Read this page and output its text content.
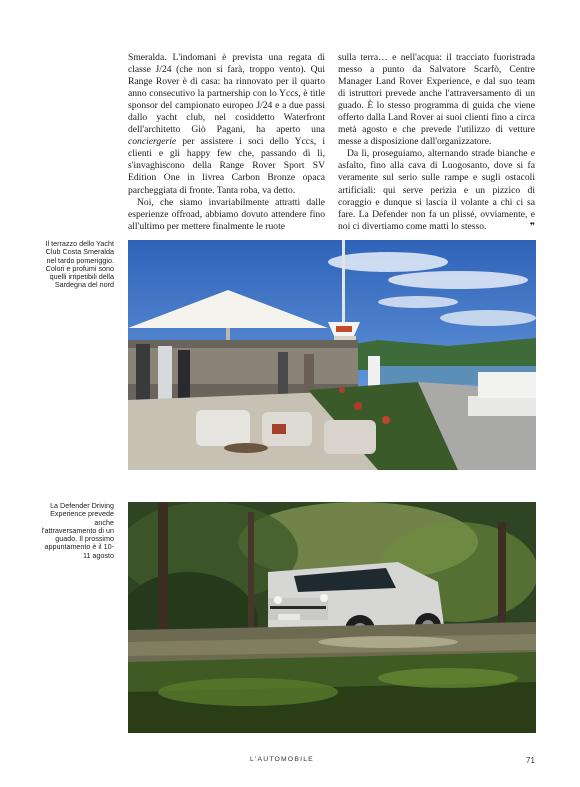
Smeralda. L'indomani è prevista una regata di classe J/24 (che non si farà, troppo vento). Qui Range Rover è di casa: ha rinnovato per il quarto anno consecutivo la partnership con lo Yccs, è title sponsor del campionato europeo J/24 e a due passi dallo yacht club, nel cosiddetto Waterfront dell'architetto Giò Pagani, ha aperto una conciergerie per assistere i soci dello Yccs, i clienti e gli happy few che, passando di lì, s'invaghiscono della Range Rover Sport SV Edition One in livrea Carbon Bronze opaca parcheggiata di fronte. Tanta roba, va detto.

Noi, che siamo invariabilmente attratti dalle esperienze offroad, abbiamo dovuto attendere fino all'ultimo per mettere finalmente le ruote

sulla terra… e nell'acqua: il tracciato fuoristrada messo a punto da Salvatore Scarfò, Centre Manager Land Rover Experience, e dal suo team di istruttori prevede anche l'attraversamento di un guado. È lo stesso programma di guida che viene offerto dalla Land Rover ai suoi clienti fino a circa metà agosto e che prevede l'utilizzo di vetture messe a disposizione dall'organizzatore.

Da lì, proseguiamo, alternando strade bianche e asfalto, fino alla cava di Luogosanto, dove si fa veramente sul serio sulle rampe e sugli ostacoli artificiali: qui serve perizia e un pizzico di coraggio e dunque si lascia il volante a chi ci sa fare. La Defender non fa un plissé, ovviamente, e noi ci divertiamo come matti lo stesso.	❞

Il terrazzo dello Yacht Club Costa Smeralda nel tardo pomeriggio. Colori e profumi sono quelli irripetibili della Sardegna del nord
La Defender Driving Experience prevede anche l'attraversamento di un guado. Il prossimo appuntamento è il 10-11 agosto
L'AUTOMOBILE	71
